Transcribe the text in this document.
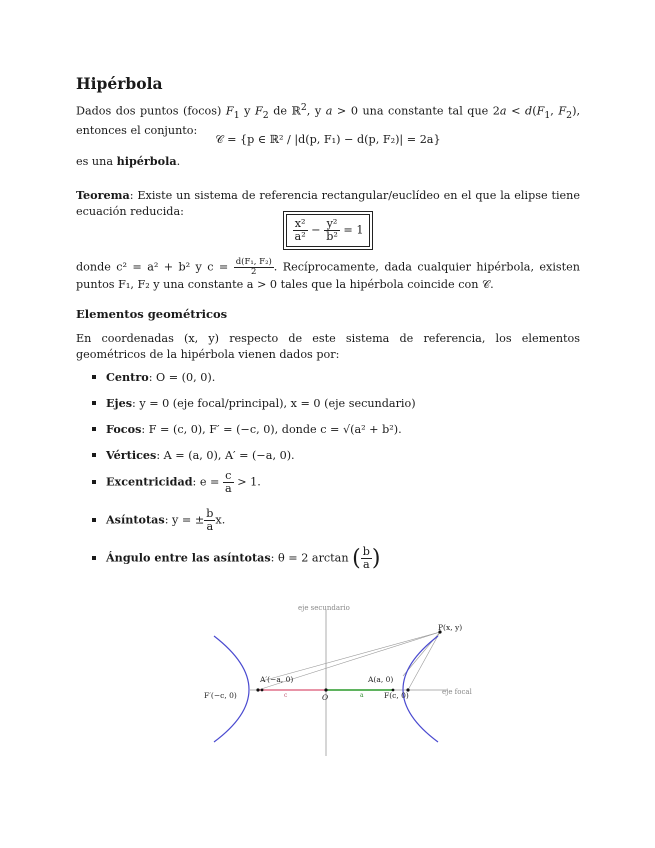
Hipérbola
Dados dos puntos (focos) $F_1$ y $F_2$ de ℝ$^2$, y a > 0 una constante tal que $2a < d(F_1$, $F_2$), entonces el conjunto:
𝒞 = {p ∈ ℝ² / |d(p, F₁) − d(p, F₂)| = 2a}
es una hipérbola.
Teorema: Existe un sistema de referencia rectangular/euclídeo en el que la elipse tiene ecuación reducida:
$\frac{\text{x²}}{\text{a²}} - \frac{\text{y²}}{\text{b²}} = 1$
donde c² = a² + b² y $c = \frac{\text{d(F₁, F₂)}}{2}$ . Recíprocamente, dada cualquier hipérbola, existen puntos F₁, F₂ y una constante a > 0 tales que la hipérbola coincide con 𝒞.
Elementos geométricos
En coordenadas (x, y) respecto de este sistema de referencia, los elementos geométricos de la hipérbola vienen dados por:
Centro: O = (0, 0).
Ejes: y = 0 (eje focal/principal), x = 0 (eje secundario)
Focos: F = (c, 0), F′ = (−c, 0), donde c = √(a² + b²).
Vértices: A = (a, 0), A′ = (−a, 0).
Excentricidad: $e = \frac{c}{a} > 1$.
Asíntotas: y = ± $\frac{b}{a} x$.
Ángulo entre las asíntotas: θ = 2 arctan ( $\frac{b}{a}$ )
eje secundario
eje focal
P(x, y)
A′(−a, 0)	A(a, 0)
F′(−c, 0)	F(c, 0)
O
c	a
